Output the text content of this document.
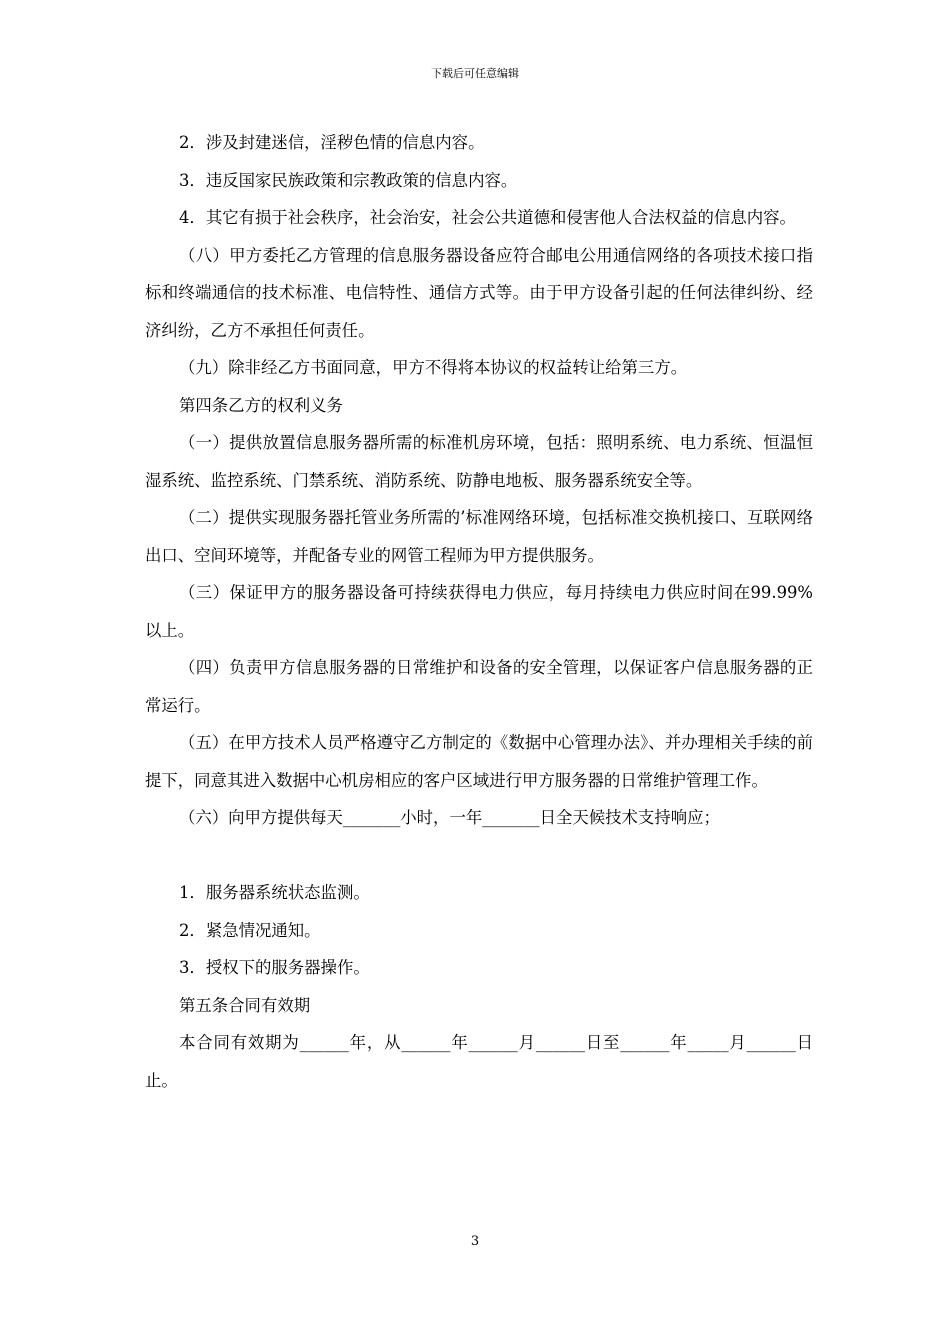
下载后可任意编辑

2．涉及封建迷信，淫秽色情的信息内容。

3．违反国家民族政策和宗教政策的信息内容。

4．其它有损于社会秩序，社会治安，社会公共道德和侵害他人合法权益的信息内容。

（八）甲方委托乙方管理的信息服务器设备应符合邮电公用通信网络的各项技术接口指标和终端通信的技术标准、电信特性、通信方式等。由于甲方设备引起的任何法律纠纷、经济纠纷，乙方不承担任何责任。

（九）除非经乙方书面同意，甲方不得将本协议的权益转让给第三方。

第四条乙方的权利义务

（一）提供放置信息服务器所需的标准机房环境，包括：照明系统、电力系统、恒温恒湿系统、监控系统、门禁系统、消防系统、防静电地板、服务器系统安全等。

（二）提供实现服务器托管业务所需的’标准网络环境，包括标准交换机接口、互联网络出口、空间环境等，并配备专业的网管工程师为甲方提供服务。

（三）保证甲方的服务器设备可持续获得电力供应，每月持续电力供应时间在99.99%以上。

（四）负责甲方信息服务器的日常维护和设备的安全管理，以保证客户信息服务器的正常运行。

（五）在甲方技术人员严格遵守乙方制定的《数据中心管理办法》、并办理相关手续的前提下，同意其进入数据中心机房相应的客户区域进行甲方服务器的日常维护管理工作。

（六）向甲方提供每天_______小时，一年_______日全天候技术支持响应；

1．服务器系统状态监测。

2．紧急情况通知。

3．授权下的服务器操作。

第五条合同有效期

本合同有效期为______年，从______年______月______日至______年_____月______日止。

3
